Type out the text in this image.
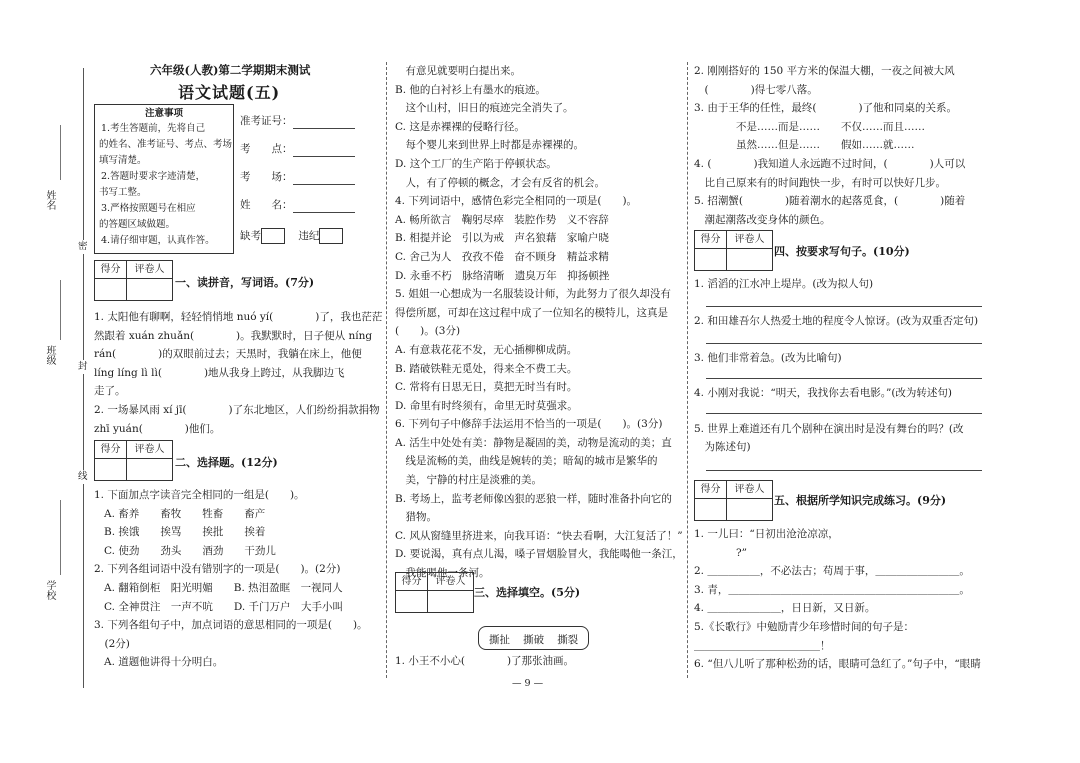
姓名
班级
学校
密
封
线
六年级(人教)第二学期期末测试
语文试题(五)
注意事项
1.考生答题前，先将自己
的姓名、准考证号、考点、考场
填写清楚。
2.答题时要求字迹清楚，
书写工整。
3.严格按照题号在相应
的答题区域做题。
4.请仔细审题，认真作答。
准考证号：
考　　点：
考　　场：
姓　　名：
缺考	违纪
得分	评卷人
一、读拼音，写词语。(7分)
1. 太阳他有聊啊，轻轻悄悄地 nuó yí(　　　　)了，我也茫茫
然跟着 xuán zhuǎn(　　　　)。我默默时，日子便从 níng
rán(　　　　)的双眼前过去；天黑时，我躺在床上，他便
líng líng lì lì(　　　　)地从我身上跨过，从我脚边飞
走了。
2. 一场暴风雨 xí jī(　　　　)了东北地区，人们纷纷捐款捐物
zhī yuán(　　　　)他们。
得分	评卷人
二、选择题。(12分)
1. 下面加点字读音完全相同的一组是(　　)。
A. 畜养　　畜牧　　牲畜　　畜产
B. 挨饿　　挨骂　　挨批　　挨着
C. 使劲　　劲头　　酒劲　　干劲儿
2. 下列各组词语中没有错别字的一项是(　　)。(2分)
A. 翻箱倒柜　阳光明媚　　B. 热泪盈眶　一视同人
C. 全神贯注　一声不吭　　D. 千门万户　大手小叫
3. 下列各组句子中，加点词语的意思相同的一项是(　　)。
　(2分)
A. 道题他讲得十分明白。
　有意见就要明白提出来。
B. 他的白衬衫上有墨水的痕迹。
　这个山村，旧日的痕迹完全消失了。
C. 这是赤裸裸的侵略行径。
　每个婴儿来到世界上时都是赤裸裸的。
D. 这个工厂的生产陷于停顿状态。
　人，有了停顿的概念，才会有反省的机会。
4. 下列词语中，感情色彩完全相同的一项是(　　)。
A. 畅所欲言　鞠躬尽瘁　装腔作势　义不容辞
B. 相提并论　引以为戒　声名狼藉　家喻户晓
C. 舍己为人　孜孜不倦　奋不顾身　精益求精
D. 永垂不朽　脉络清晰　遗臭万年　抑扬顿挫
5. 姐姐一心想成为一名服装设计师，为此努力了很久却没有
得偿所愿，可却在这过程中成了一位知名的模特儿，这真是
(　　)。(3分)
A. 有意栽花花不发，无心插柳柳成荫。
B. 踏破铁鞋无觅处，得来全不费工夫。
C. 常将有日思无日，莫把无时当有时。
D. 命里有时终须有，命里无时莫强求。
6. 下列句子中修辞手法运用不恰当的一项是(　　)。(3分)
A. 活生中处处有美：静物是凝固的美，动物是流动的美；直
　线是流畅的美，曲线是婉转的美；暗匐的城市是繁华的
　美，宁静的村庄是淡雅的美。
B. 考场上，监考老师像凶狠的恶狼一样，随时准备扑向它的
　猎物。
C. 风从窗缝里挤进来，向我耳语：“快去看啊，大江复活了！”
D. 要说渴，真有点儿渴，嗓子冒烟脸冒火，我能喝他一条江，
　我能喝他一条河。
得分	评卷人
三、选择填空。(5分)
撕扯 撕破 撕裂
1. 小王不小心(　　　　)了那张油画。
— 9 —
2. 刚刚搭好的 150 平方米的保温大棚，一夜之间被大风
　(　　　　)得七零八落。
3. 由于王华的任性，最终(　　　　)了他和同桌的关系。
　　　　不是……而是……　　不仅……而且……
　　　　虽然……但是……　　假如……就……
4. (　　　　)我知道人永远跑不过时间，(　　　　)人可以
　比自己原来有的时间跑快一步，有时可以快好几步。
5. 招潮蟹(　　　　)随着潮水的起落觅食，(　　　　)随着
　潮起潮落改变身体的颜色。
得分	评卷人
四、按要求写句子。(10分)
1. 滔滔的江水冲上堤岸。(改为拟人句)
2. 和田雄吾尔人热爱土地的程度令人惊讶。(改为双重否定句)
3. 他们非常着急。(改为比喻句)
4. 小刚对我说：“明天，我找你去看电影。”(改为转述句)
5. 世界上难道还有几个剧种在演出时是没有舞台的吗？(改
　为陈述句)
得分	评卷人
五、根据所学知识完成练习。(9分)
1. 一儿曰：“日初出沧沧凉凉，
　　　　?”
2. ＿＿＿＿＿，不必法古；苟周于事，＿＿＿＿＿＿＿＿。
3. 青，＿＿＿＿＿＿＿＿＿＿＿＿＿＿＿＿＿＿＿＿＿＿。
4. ＿＿＿＿＿＿＿，日日新，又日新。
5.《长歌行》中勉励青少年珍惜时间的句子是：
＿＿＿＿＿＿＿＿＿＿＿＿！
6. “但八儿听了那种松劲的话，眼睛可急红了。”句子中，“眼睛
